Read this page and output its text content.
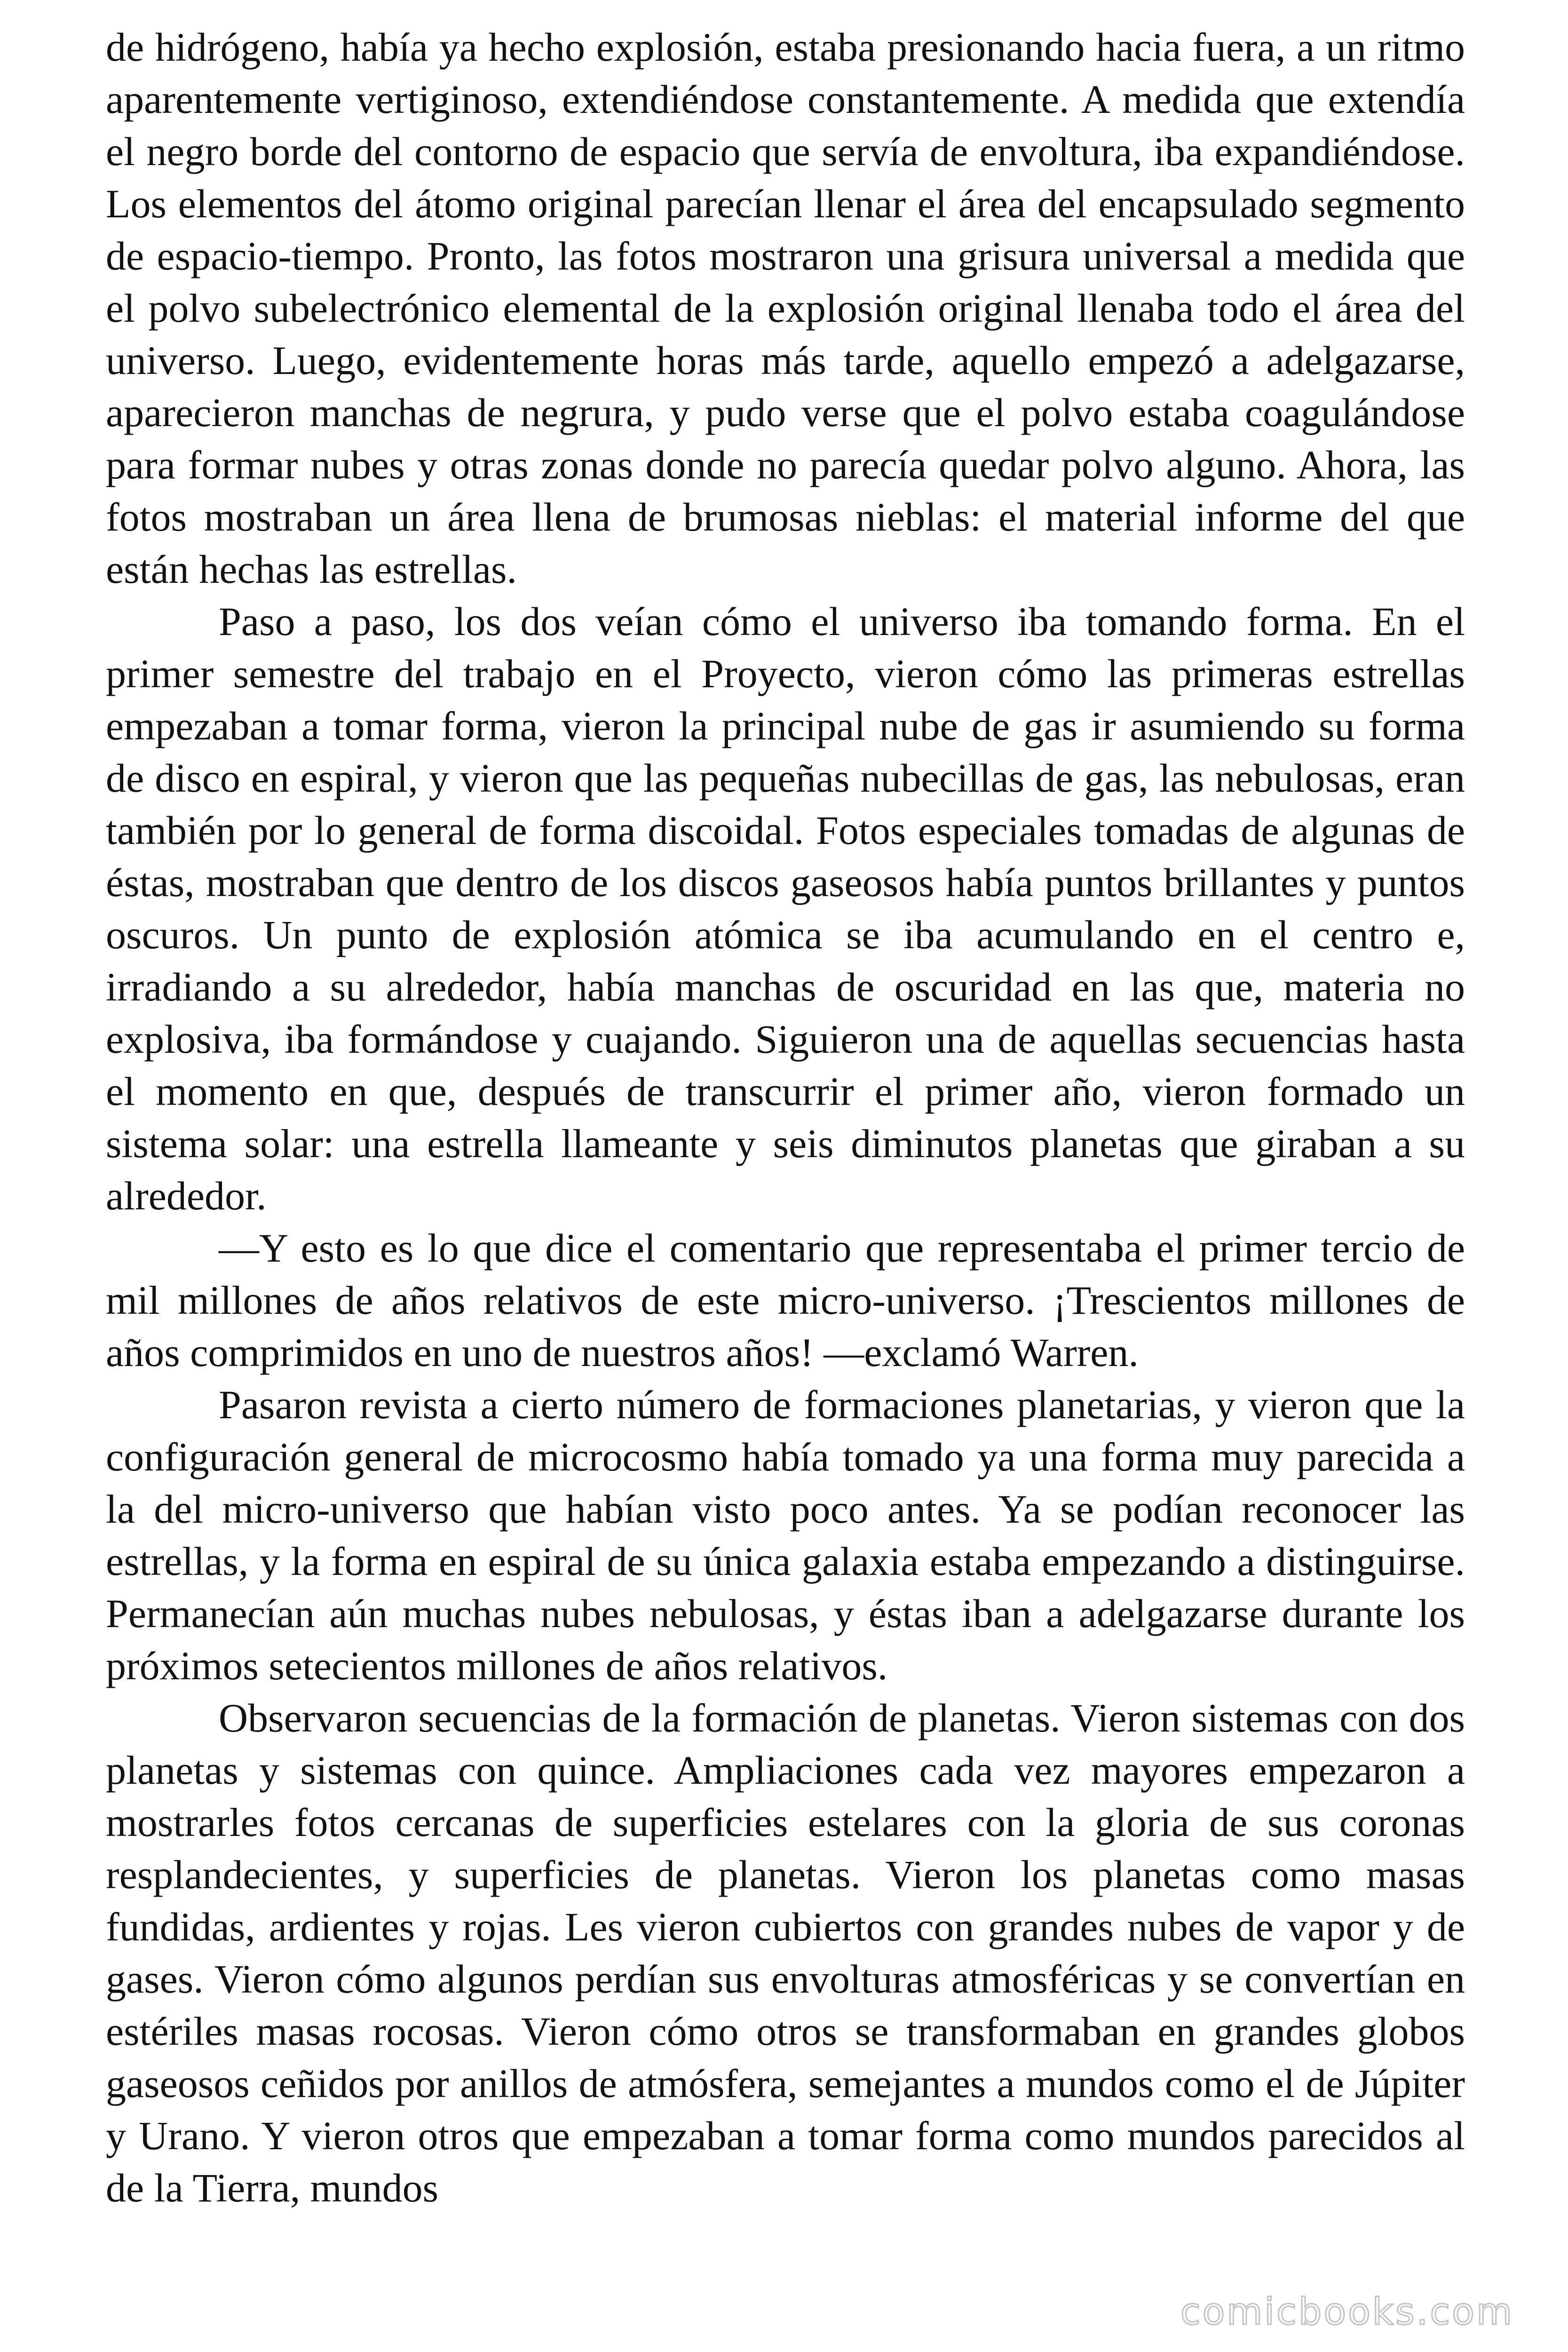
de hidrógeno, había ya hecho explosión, estaba presionando hacia fuera, a un ritmo aparentemente vertiginoso, extendiéndose constantemente. A medida que extendía el negro borde del contorno de espacio que servía de envoltura, iba expandiéndose. Los elementos del átomo original parecían llenar el área del encapsulado segmento de espacio-tiempo. Pronto, las fotos mostraron una grisura universal a medida que el polvo subelectrónico elemental de la explosión original llenaba todo el área del universo. Luego, evidentemente horas más tarde, aquello empezó a adelgazarse, aparecieron manchas de negrura, y pudo verse que el polvo estaba coagulándose para formar nubes y otras zonas donde no parecía quedar polvo alguno. Ahora, las fotos mostraban un área llena de brumosas nieblas: el material informe del que están hechas las estrellas.

Paso a paso, los dos veían cómo el universo iba tomando forma. En el primer semestre del trabajo en el Proyecto, vieron cómo las primeras estrellas empezaban a tomar forma, vieron la principal nube de gas ir asumiendo su forma de disco en espiral, y vieron que las pequeñas nubecillas de gas, las nebulosas, eran también por lo general de forma discoidal. Fotos especiales tomadas de algunas de éstas, mostraban que dentro de los discos gaseosos había puntos brillantes y puntos oscuros. Un punto de explosión atómica se iba acumulando en el centro e, irradiando a su alrededor, había manchas de oscuridad en las que, materia no explosiva, iba formándose y cuajando. Siguieron una de aquellas secuencias hasta el momento en que, después de transcurrir el primer año, vieron formado un sistema solar: una estrella llameante y seis diminutos planetas que giraban a su alrededor.

—Y esto es lo que dice el comentario que representaba el primer tercio de mil millones de años relativos de este micro-universo. ¡Trescientos millones de años comprimidos en uno de nuestros años! —exclamó Warren.

Pasaron revista a cierto número de formaciones planetarias, y vieron que la configuración general de microcosmo había tomado ya una forma muy parecida a la del micro-universo que habían visto poco antes. Ya se podían reconocer las estrellas, y la forma en espiral de su única galaxia estaba empezando a distinguirse. Permanecían aún muchas nubes nebulosas, y éstas iban a adelgazarse durante los próximos setecientos millones de años relativos.

Observaron secuencias de la formación de planetas. Vieron sistemas con dos planetas y sistemas con quince. Ampliaciones cada vez mayores empezaron a mostrarles fotos cercanas de superficies estelares con la gloria de sus coronas resplandecientes, y superficies de planetas. Vieron los planetas como masas fundidas, ardientes y rojas. Les vieron cubiertos con grandes nubes de vapor y de gases. Vieron cómo algunos perdían sus envolturas atmosféricas y se convertían en estériles masas rocosas. Vieron cómo otros se transformaban en grandes globos gaseosos ceñidos por anillos de atmósfera, semejantes a mundos como el de Júpiter y Urano. Y vieron otros que empezaban a tomar forma como mundos parecidos al de la Tierra, mundos

comicbooks.com
